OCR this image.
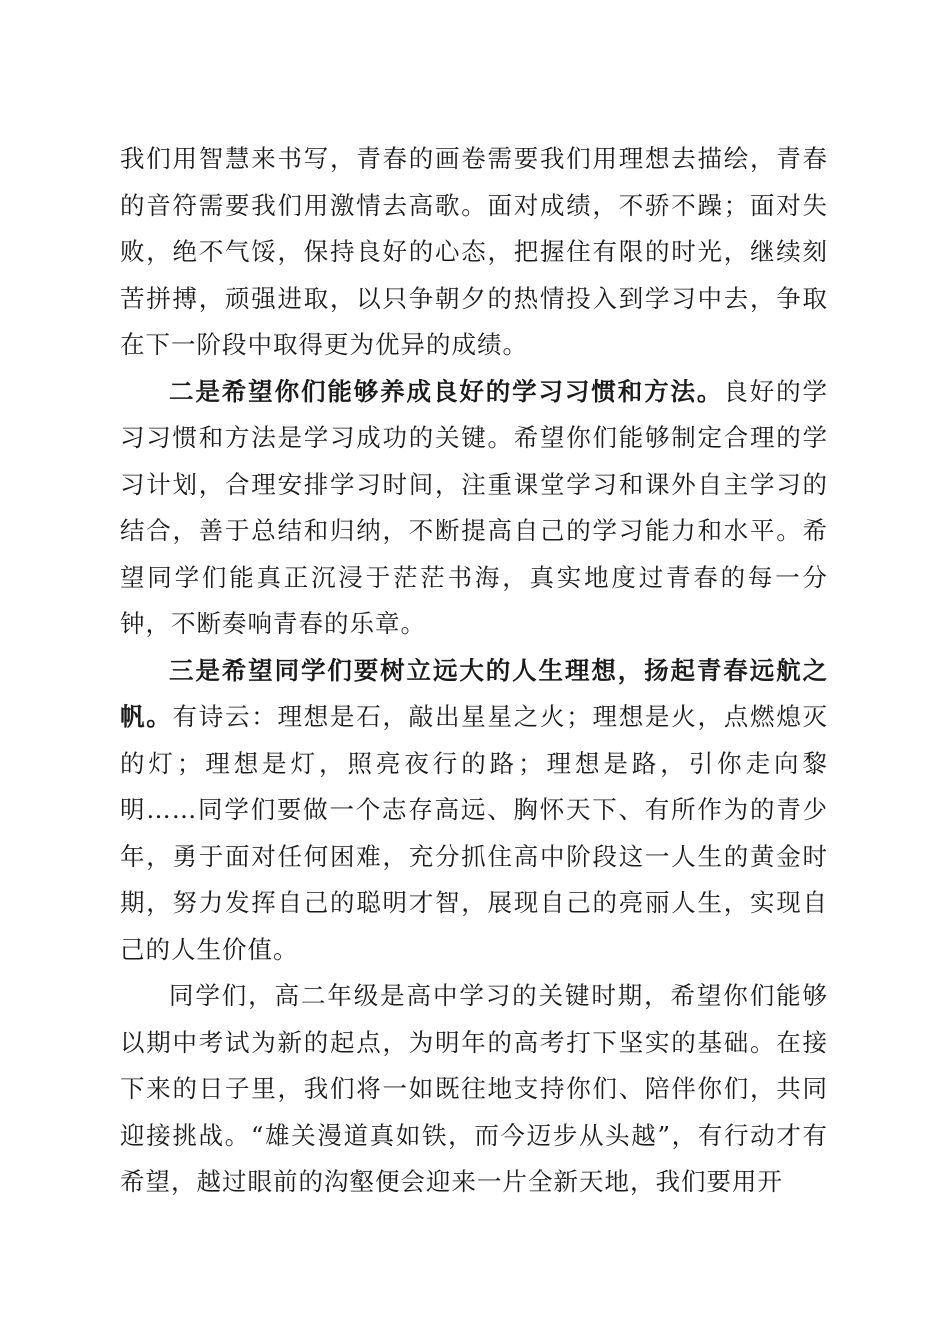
我们用智慧来书写，青春的画卷需要我们用理想去描绘，青春的音符需要我们用激情去高歌。面对成绩，不骄不躁；面对失败，绝不气馁，保持良好的心态，把握住有限的时光，继续刻苦拼搏，顽强进取，以只争朝夕的热情投入到学习中去，争取在下一阶段中取得更为优异的成绩。

二是希望你们能够养成良好的学习习惯和方法。良好的学习习惯和方法是学习成功的关键。希望你们能够制定合理的学习计划，合理安排学习时间，注重课堂学习和课外自主学习的结合，善于总结和归纳，不断提高自己的学习能力和水平。希望同学们能真正沉浸于茫茫书海，真实地度过青春的每一分钟，不断奏响青春的乐章。

三是希望同学们要树立远大的人生理想，扬起青春远航之帆。有诗云：理想是石，敲出星星之火；理想是火，点燃熄灭的灯；理想是灯，照亮夜行的路；理想是路，引你走向黎明……同学们要做一个志存高远、胸怀天下、有所作为的青少年，勇于面对任何困难，充分抓住高中阶段这一人生的黄金时期，努力发挥自己的聪明才智，展现自己的亮丽人生，实现自己的人生价值。

同学们，高二年级是高中学习的关键时期，希望你们能够以期中考试为新的起点，为明年的高考打下坚实的基础。在接下来的日子里，我们将一如既往地支持你们、陪伴你们，共同迎接挑战。“雄关漫道真如铁，而今迈步从头越”，有行动才有希望，越过眼前的沟壑便会迎来一片全新天地，我们要用开
